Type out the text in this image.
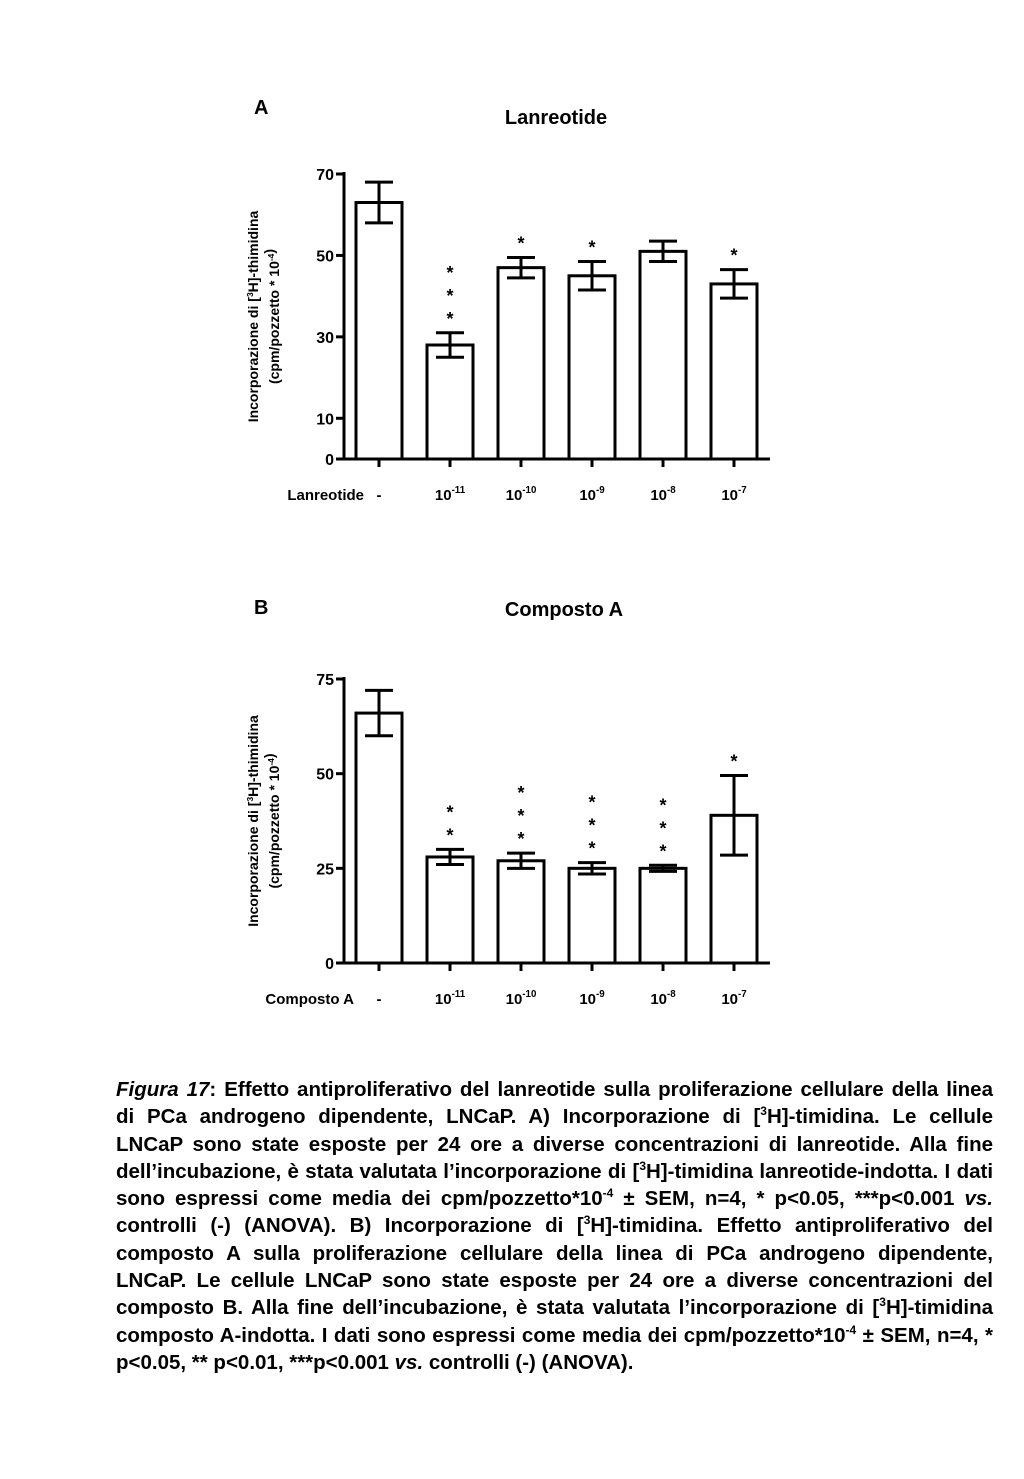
A	Lanreotide
Incorporazione di [$^3$H]-thimidina
(cpm/pozzetto * $10^{-4}$)
0
10
30
50
70
-	$10^{-11}$
*
*
*
$10^{-10}$
*
$10^{-9}$
*
$10^{-8}$	$10^{-7}$
*
Lanreotide
B	Composto A
Incorporazione di [$^3$H]-thimidina
(cpm/pozzetto * $10^{-4}$)
0
25
50
75
-	$10^{-11}$
*
*
$10^{-10}$
*
*
*
$10^{-9}$
*
*
*
$10^{-8}$
*
*
*
$10^{-7}$
*
Composto A
Figura 17: Effetto antiproliferativo del lanreotide sulla proliferazione cellulare della linea di PCa androgeno dipendente, LNCaP. A) Incorporazione di [$^3$H]-timidina. Le cellule LNCaP sono state esposte per 24 ore a diverse concentrazioni di lanreotide. Alla fine dell’incubazione, è stata valutata l’incorporazione di [$^3$H]-timidina lanreotide-indotta. I dati sono espressi come media dei cpm/$pozzetto*10^{-4}$ ± SEM, n=4, * p<0.05, ***p<0.001 vs. controlli (-) (ANOVA). B) Incorporazione di [$^3$H]-timidina. Effetto antiproliferativo del composto A sulla proliferazione cellulare della linea di PCa androgeno dipendente, LNCaP. Le cellule LNCaP sono state esposte per 24 ore a diverse concentrazioni del composto B. Alla fine dell’incubazione, è stata valutata l’incorporazione di [$^3$H]-timidina composto A-indotta. I dati sono espressi come media dei cpm/$pozzetto*10^{-4}$ ± SEM, n=4, * p<0.05, ** p<0.01, ***p<0.001 vs. controlli (-) (ANOVA).
